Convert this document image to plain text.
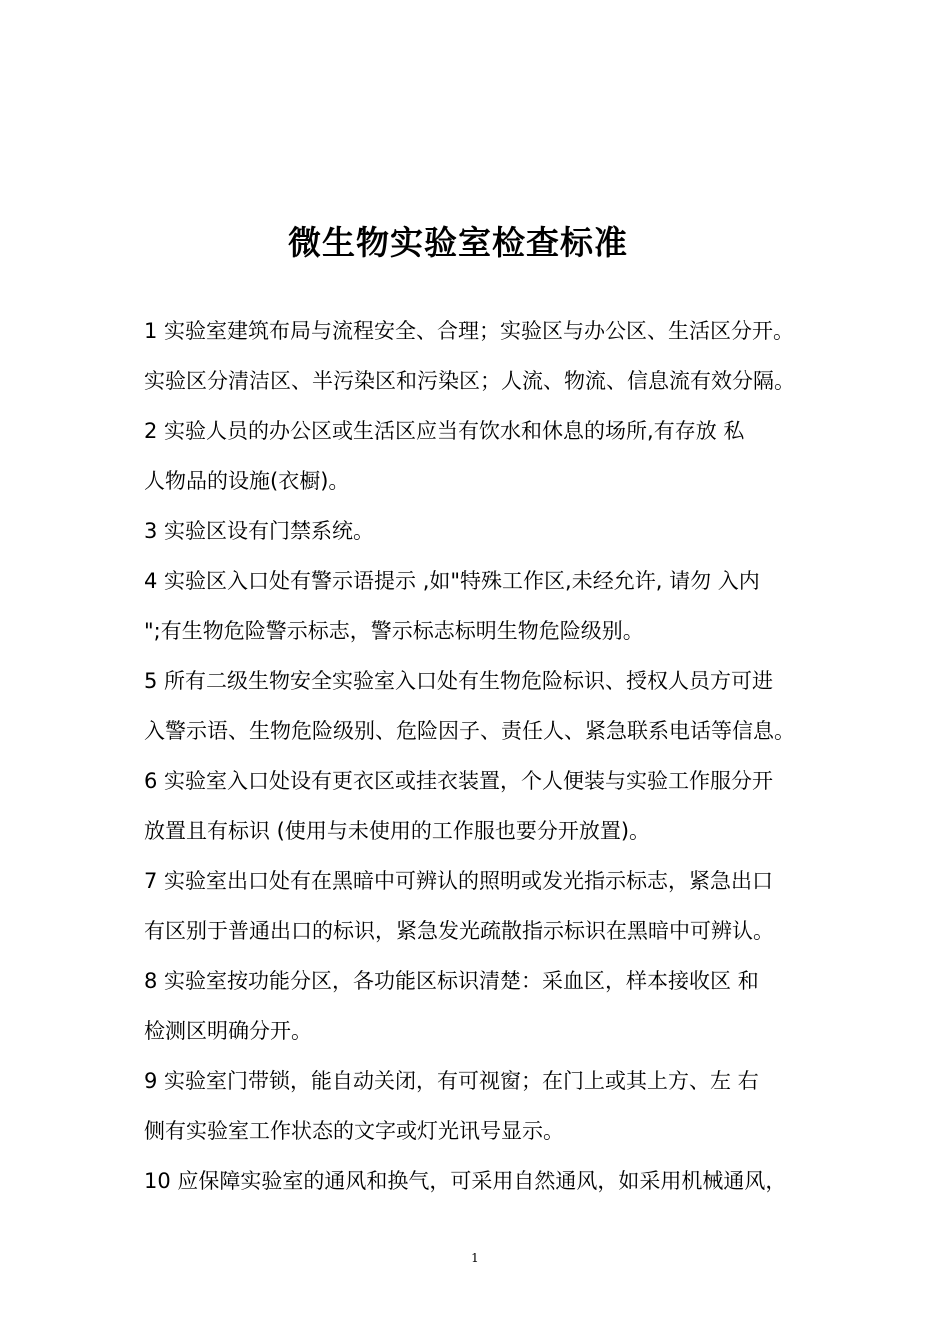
微生物实验室检查标准
1 实验室建筑布局与流程安全、合理；实验区与办公区、生活区分开。
实验区分清洁区、半污染区和污染区；人流、物流、信息流有效分隔。
2 实验人员的办公区或生活区应当有饮水和休息的场所,有存放 私
人物品的设施(衣橱)。
3 实验区设有门禁系统。
4 实验区入口处有警示语提示 ,如"特殊工作区,未经允许, 请勿 入内
";有生物危险警示标志，警示标志标明生物危险级别。
5 所有二级生物安全实验室入口处有生物危险标识、授权人员方可进
入警示语、生物危险级别、危险因子、责任人、紧急联系电话等信息。
6 实验室入口处设有更衣区或挂衣装置，个人便装与实验工作服分开
放置且有标识 (使用与未使用的工作服也要分开放置)。
7 实验室出口处有在黑暗中可辨认的照明或发光指示标志，紧急出口
有区别于普通出口的标识，紧急发光疏散指示标识在黑暗中可辨认。
8 实验室按功能分区，各功能区标识清楚：采血区，样本接收区 和
检测区明确分开。
9 实验室门带锁，能自动关闭，有可视窗；在门上或其上方、左 右
侧有实验室工作状态的文字或灯光讯号显示。
10 应保障实验室的通风和换气，可采用自然通风，如采用机械通风，
1
